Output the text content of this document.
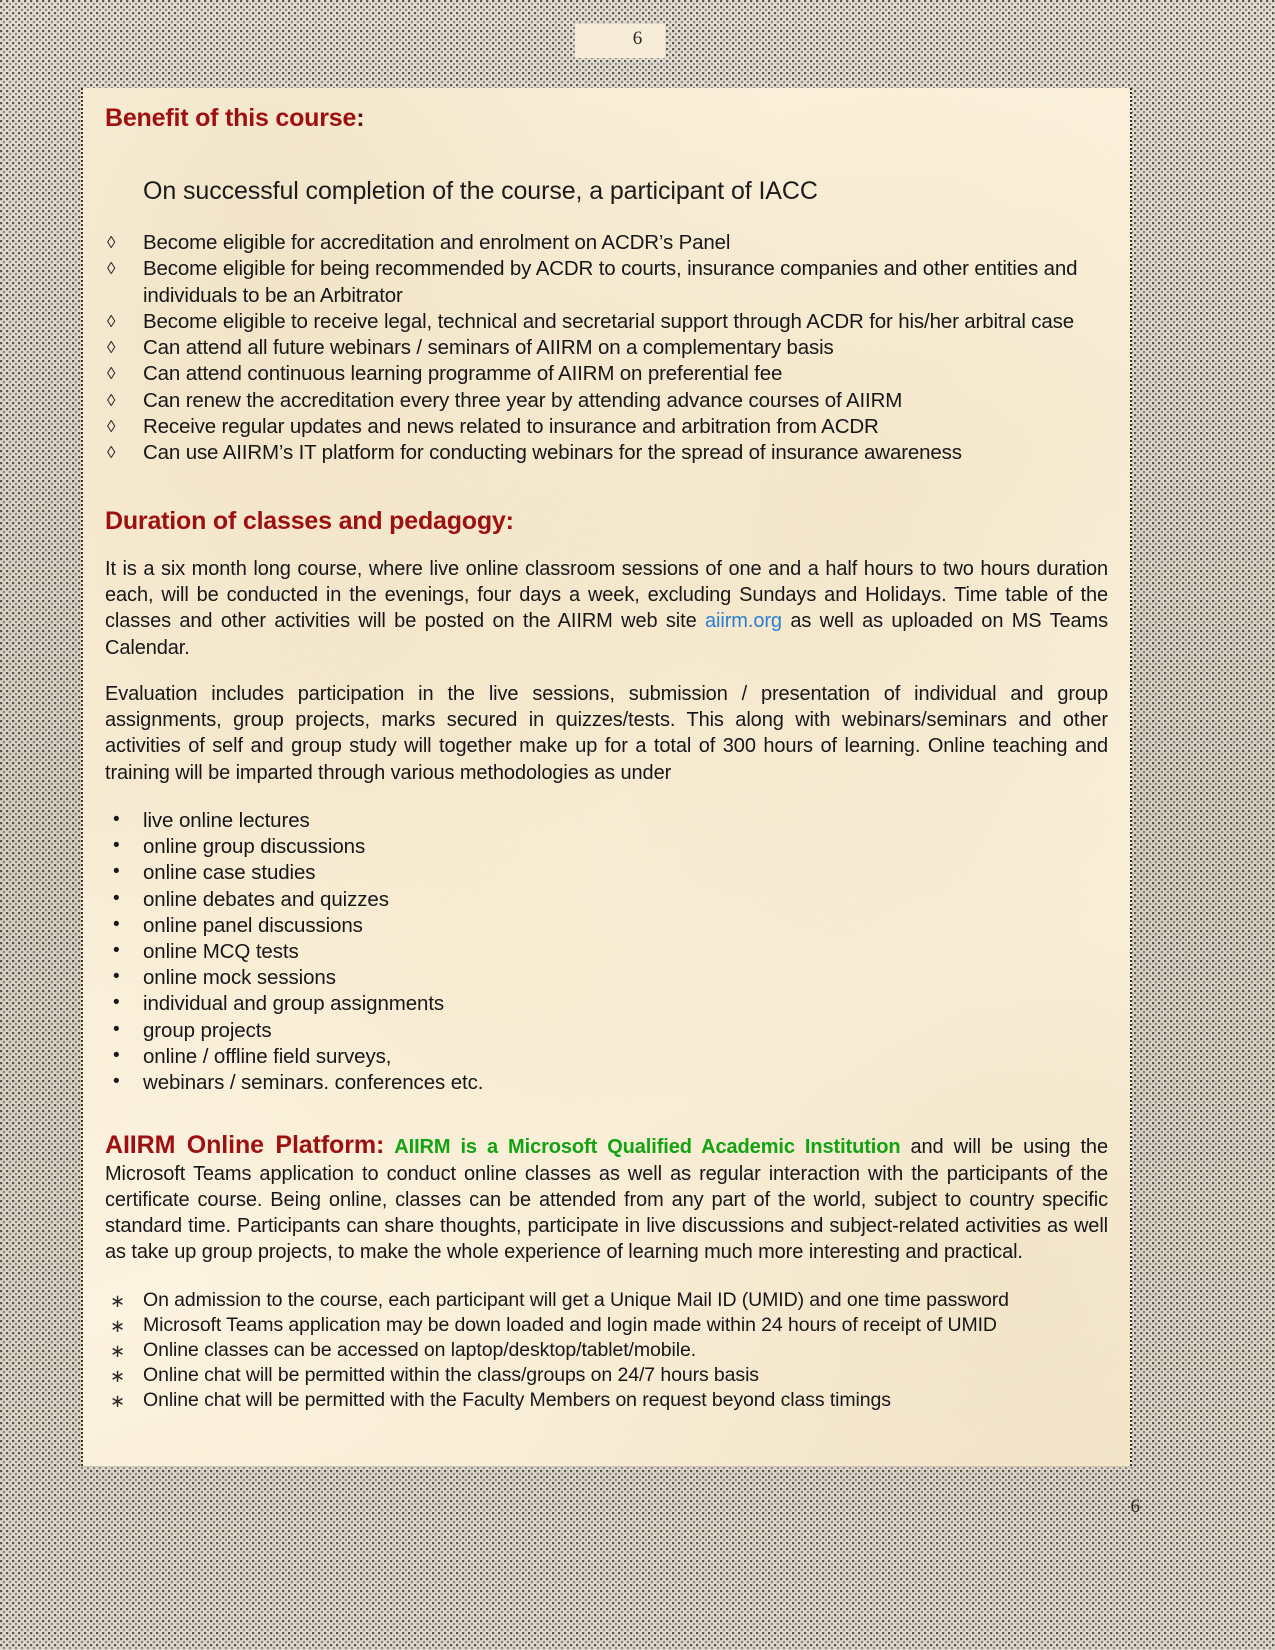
6
Benefit of this course:
On successful completion of the course, a participant of IACC
◊ Become eligible for accreditation and enrolment on ACDR’s Panel
◊ Become eligible for being recommended by ACDR to courts, insurance companies and other entities and individuals to be an Arbitrator
◊ Become eligible to receive legal, technical and secretarial support through ACDR for his/her arbitral case
◊ Can attend all future webinars / seminars of AIIRM on a complementary basis
◊ Can attend continuous learning programme of AIIRM on preferential fee
◊ Can renew the accreditation every three year by attending advance courses of AIIRM
◊ Receive regular updates and news related to insurance and arbitration from ACDR
◊ Can use AIIRM’s IT platform for conducting webinars for the spread of insurance awareness
Duration of classes and pedagogy:

It is a six month long course, where live online classroom sessions of one and a half hours to two hours duration each, will be conducted in the evenings, four days a week, excluding Sundays and Holidays. Time table of the classes and other activities will be posted on the AIIRM web site aiirm.org as well as uploaded on MS Teams Calendar.

Evaluation includes participation in the live sessions, submission / presentation of individual and group assignments, group projects, marks secured in quizzes/tests. This along with webinars/seminars and other activities of self and group study will together make up for a total of 300 hours of learning. Online teaching and training will be imparted through various methodologies as under

• live online lectures
• online group discussions
• online case studies
• online debates and quizzes
• online panel discussions
• online MCQ tests
• online mock sessions
• individual and group assignments
• group projects
• online / offline field surveys,
• webinars / seminars. conferences etc.
AIIRM Online Platform: AIIRM is a Microsoft Qualified Academic Institution and will be using the Microsoft Teams application to conduct online classes as well as regular interaction with the participants of the certificate course. Being online, classes can be attended from any part of the world, subject to country specific standard time. Participants can share thoughts, participate in live discussions and subject-related activities as well as take up group projects, to make the whole experience of learning much more interesting and practical.
∗ On admission to the course, each participant will get a Unique Mail ID (UMID) and one time password
∗ Microsoft Teams application may be down loaded and login made within 24 hours of receipt of UMID
∗ Online classes can be accessed on laptop/desktop/tablet/mobile.
∗ Online chat will be permitted within the class/groups on 24/7 hours basis
∗ Online chat will be permitted with the Faculty Members on request beyond class timings
6
